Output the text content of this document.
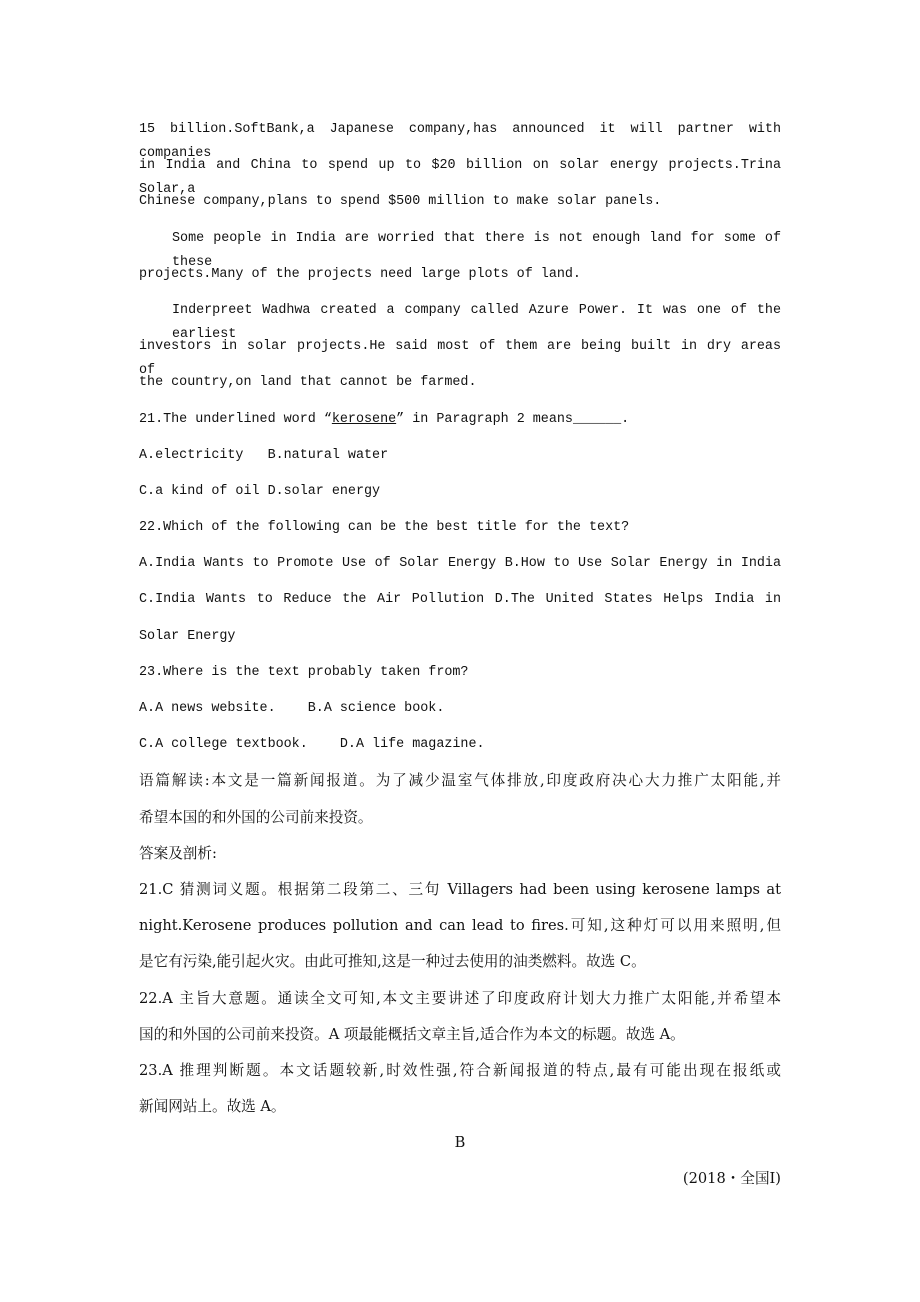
15 billion.SoftBank,a Japanese company,has announced it will partner with companies
in India and China to spend up to $20 billion on solar energy projects.Trina Solar,a
Chinese company,plans to spend $500 million to make solar panels.
Some people in India are worried that there is not enough land for some of these
projects.Many of the projects need large plots of land.
Inderpreet Wadhwa created a company called Azure Power. It was one of the earliest
investors in solar projects.He said most of them are being built in dry areas of
the country,on land that cannot be farmed.
21.The underlined word “kerosene” in Paragraph 2 means______.
A.electricity   B.natural water
C.a kind of oil D.solar energy
22.Which of the following can be the best title for the text?
A.India Wants to Promote Use of Solar Energy B.How to Use Solar Energy in India
C.India Wants to Reduce the Air Pollution D.The United States Helps India in
Solar Energy
23.Where is the text probably taken from?
A.A news website.    B.A science book.
C.A college textbook.    D.A life magazine.
语篇解读:本文是一篇新闻报道。为了减少温室气体排放,印度政府决心大力推广太阳能,并
希望本国的和外国的公司前来投资。
答案及剖析:
21.C 猜测词义题。根据第二段第二、三句 Villagers had been using kerosene lamps at
night.Kerosene produces pollution and can lead to fires.可知,这种灯可以用来照明,但
是它有污染,能引起火灾。由此可推知,这是一种过去使用的油类燃料。故选 C。
22.A 主旨大意题。通读全文可知,本文主要讲述了印度政府计划大力推广太阳能,并希望本
国的和外国的公司前来投资。A 项最能概括文章主旨,适合作为本文的标题。故选 A。
23.A 推理判断题。本文话题较新,时效性强,符合新闻报道的特点,最有可能出现在报纸或
新闻网站上。故选 A。
B
(2018・全国Ⅰ)
